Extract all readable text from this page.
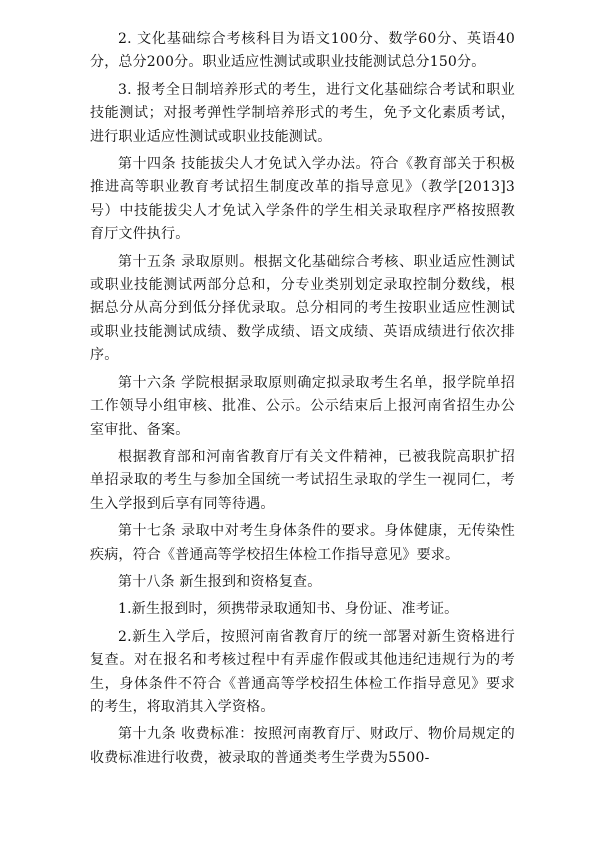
2. 文化基础综合考核科目为语文100分、数学60分、英语40分，总分200分。职业适应性测试或职业技能测试总分150分。

3. 报考全日制培养形式的考生，进行文化基础综合考试和职业技能测试；对报考弹性学制培养形式的考生，免予文化素质考试，进行职业适应性测试或职业技能测试。

第十四条 技能拔尖人才免试入学办法。符合《教育部关于积极推进高等职业教育考试招生制度改革的指导意见》（教学[2013]3号）中技能拔尖人才免试入学条件的学生相关录取程序严格按照教育厅文件执行。

第十五条 录取原则。根据文化基础综合考核、职业适应性测试或职业技能测试两部分总和，分专业类别划定录取控制分数线，根据总分从高分到低分择优录取。总分相同的考生按职业适应性测试或职业技能测试成绩、数学成绩、语文成绩、英语成绩进行依次排序。

第十六条 学院根据录取原则确定拟录取考生名单，报学院单招工作领导小组审核、批准、公示。公示结束后上报河南省招生办公室审批、备案。

根据教育部和河南省教育厅有关文件精神，已被我院高职扩招单招录取的考生与参加全国统一考试招生录取的学生一视同仁，考生入学报到后享有同等待遇。

第十七条 录取中对考生身体条件的要求。身体健康，无传染性疾病，符合《普通高等学校招生体检工作指导意见》要求。

第十八条 新生报到和资格复查。

1.新生报到时，须携带录取通知书、身份证、准考证。

2.新生入学后，按照河南省教育厅的统一部署对新生资格进行复查。对在报名和考核过程中有弄虚作假或其他违纪违规行为的考生，身体条件不符合《普通高等学校招生体检工作指导意见》要求的考生，将取消其入学资格。

第十九条 收费标准：按照河南教育厅、财政厅、物价局规定的收费标准进行收费，被录取的普通类考生学费为5500-
